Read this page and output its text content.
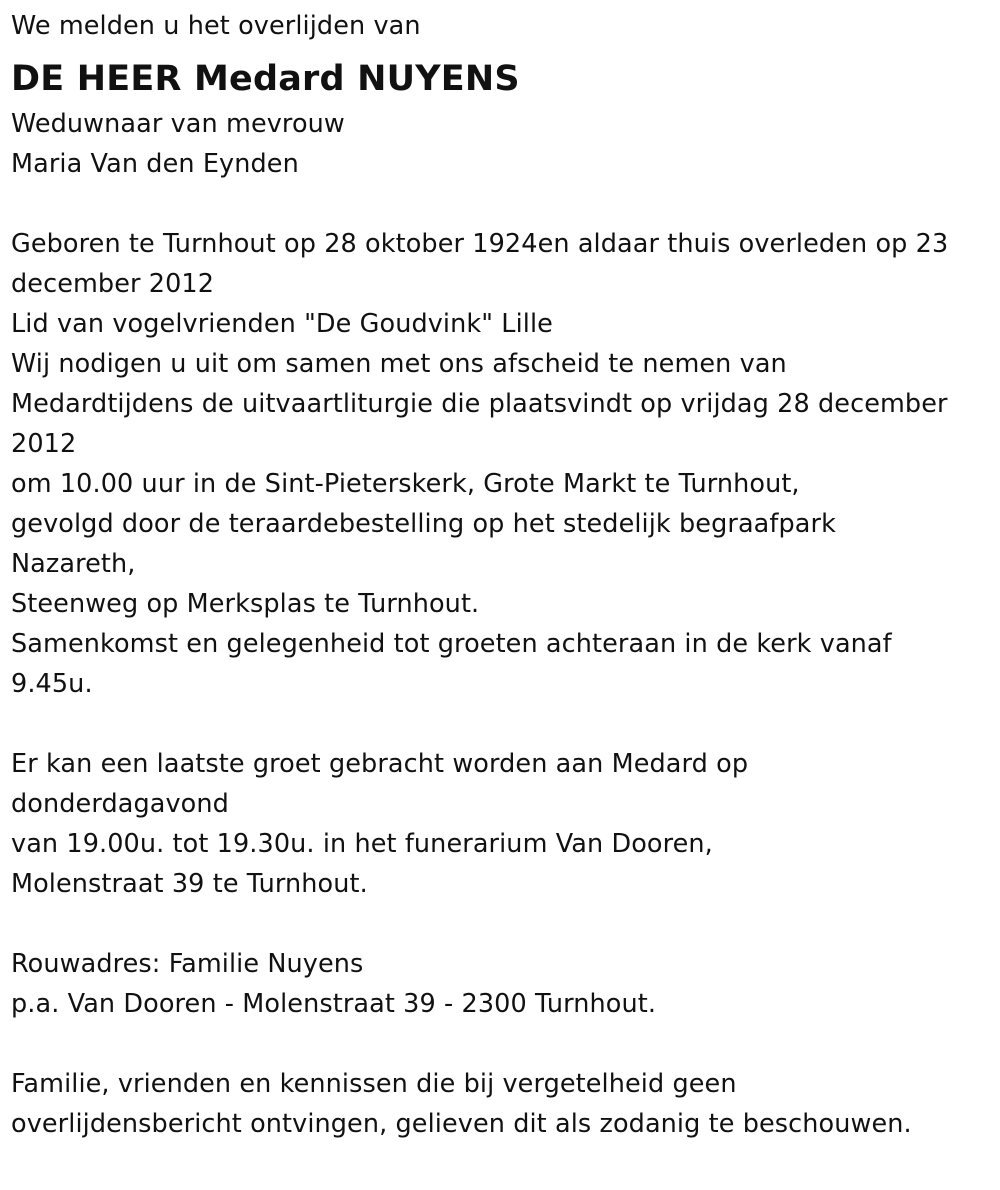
We melden u het overlijden van
DE HEER Medard NUYENS
Weduwnaar van mevrouw
Maria Van den Eynden
Geboren te Turnhout op 28 oktober 1924en aldaar thuis overleden op 23
december 2012
Lid van vogelvrienden "De Goudvink" Lille
Wij nodigen u uit om samen met ons afscheid te nemen van
Medardtijdens de uitvaartliturgie die plaatsvindt op vrijdag 28 december
2012
om 10.00 uur in de Sint-Pieterskerk, Grote Markt te Turnhout,
gevolgd door de teraardebestelling op het stedelijk begraafpark
Nazareth,
Steenweg op Merksplas te Turnhout.
Samenkomst en gelegenheid tot groeten achteraan in de kerk vanaf
9.45u.
Er kan een laatste groet gebracht worden aan Medard op
donderdagavond
van 19.00u. tot 19.30u. in het funerarium Van Dooren,
Molenstraat 39 te Turnhout.
Rouwadres: Familie Nuyens
p.a. Van Dooren - Molenstraat 39 - 2300 Turnhout.
Familie, vrienden en kennissen die bij vergetelheid geen
overlijdensbericht ontvingen, gelieven dit als zodanig te beschouwen.
